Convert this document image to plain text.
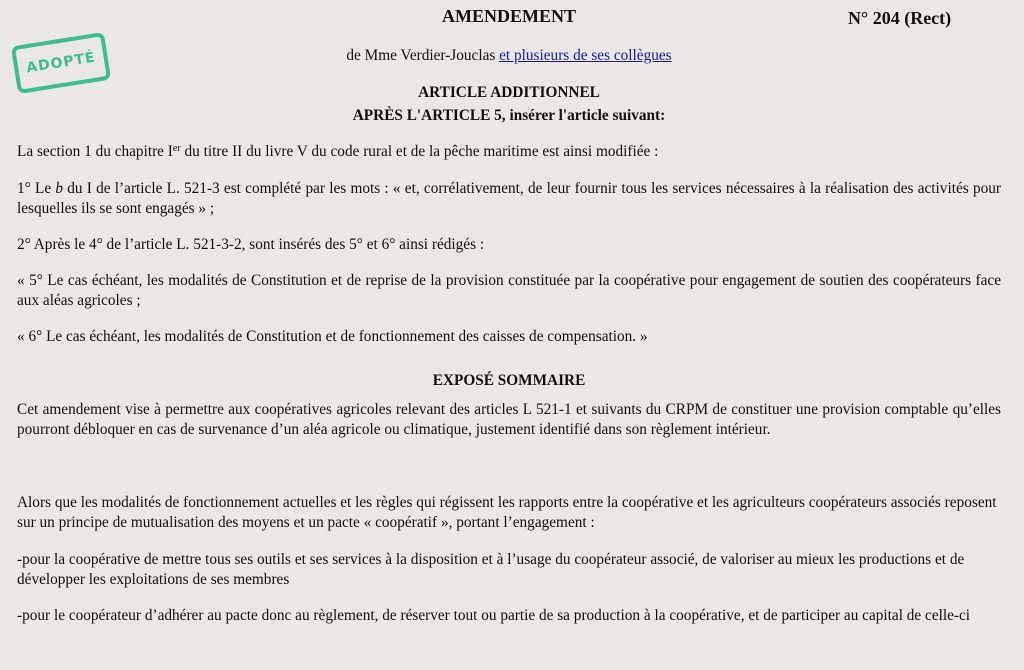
AMENDEMENT	N° 204 (Rect)
ADOPTÉ	de Mme Verdier-Jouclas et plusieurs de ses collègues
ARTICLE ADDITIONNEL
APRÈS L'ARTICLE 5, insérer l'article suivant:
La section 1 du chapitre Ier du titre II du livre V du code rural et de la pêche maritime est ainsi modifiée :
1° Le b du I de l’article L. 521-3 est complété par les mots : « et, corrélativement, de leur fournir tous les services nécessaires à la réalisation des activités pour lesquelles ils se sont engagés » ;
2° Après le 4° de l’article L. 521-3-2, sont insérés des 5° et 6° ainsi rédigés :
« 5° Le cas échéant, les modalités de Constitution et de reprise de la provision constituée par la coopérative pour engagement de soutien des coopérateurs face aux aléas agricoles ;
« 6° Le cas échéant, les modalités de Constitution et de fonctionnement des caisses de compensation. »
EXPOSÉ SOMMAIRE
Cet amendement vise à permettre aux coopératives agricoles relevant des articles L 521-1 et suivants du CRPM de constituer une provision comptable qu’elles pourront débloquer en cas de survenance d’un aléa agricole ou climatique, justement identifié dans son règlement intérieur.
Alors que les modalités de fonctionnement actuelles et les règles qui régissent les rapports entre la coopérative et les agriculteurs coopérateurs associés reposent sur un principe de mutualisation des moyens et un pacte « coopératif », portant l’engagement :
-pour la coopérative de mettre tous ses outils et ses services à la disposition et à l’usage du coopérateur associé, de valoriser au mieux les productions et de développer les exploitations de ses membres
-pour le coopérateur d’adhérer au pacte donc au règlement, de réserver tout ou partie de sa production à la coopérative, et de participer au capital de celle-ci
